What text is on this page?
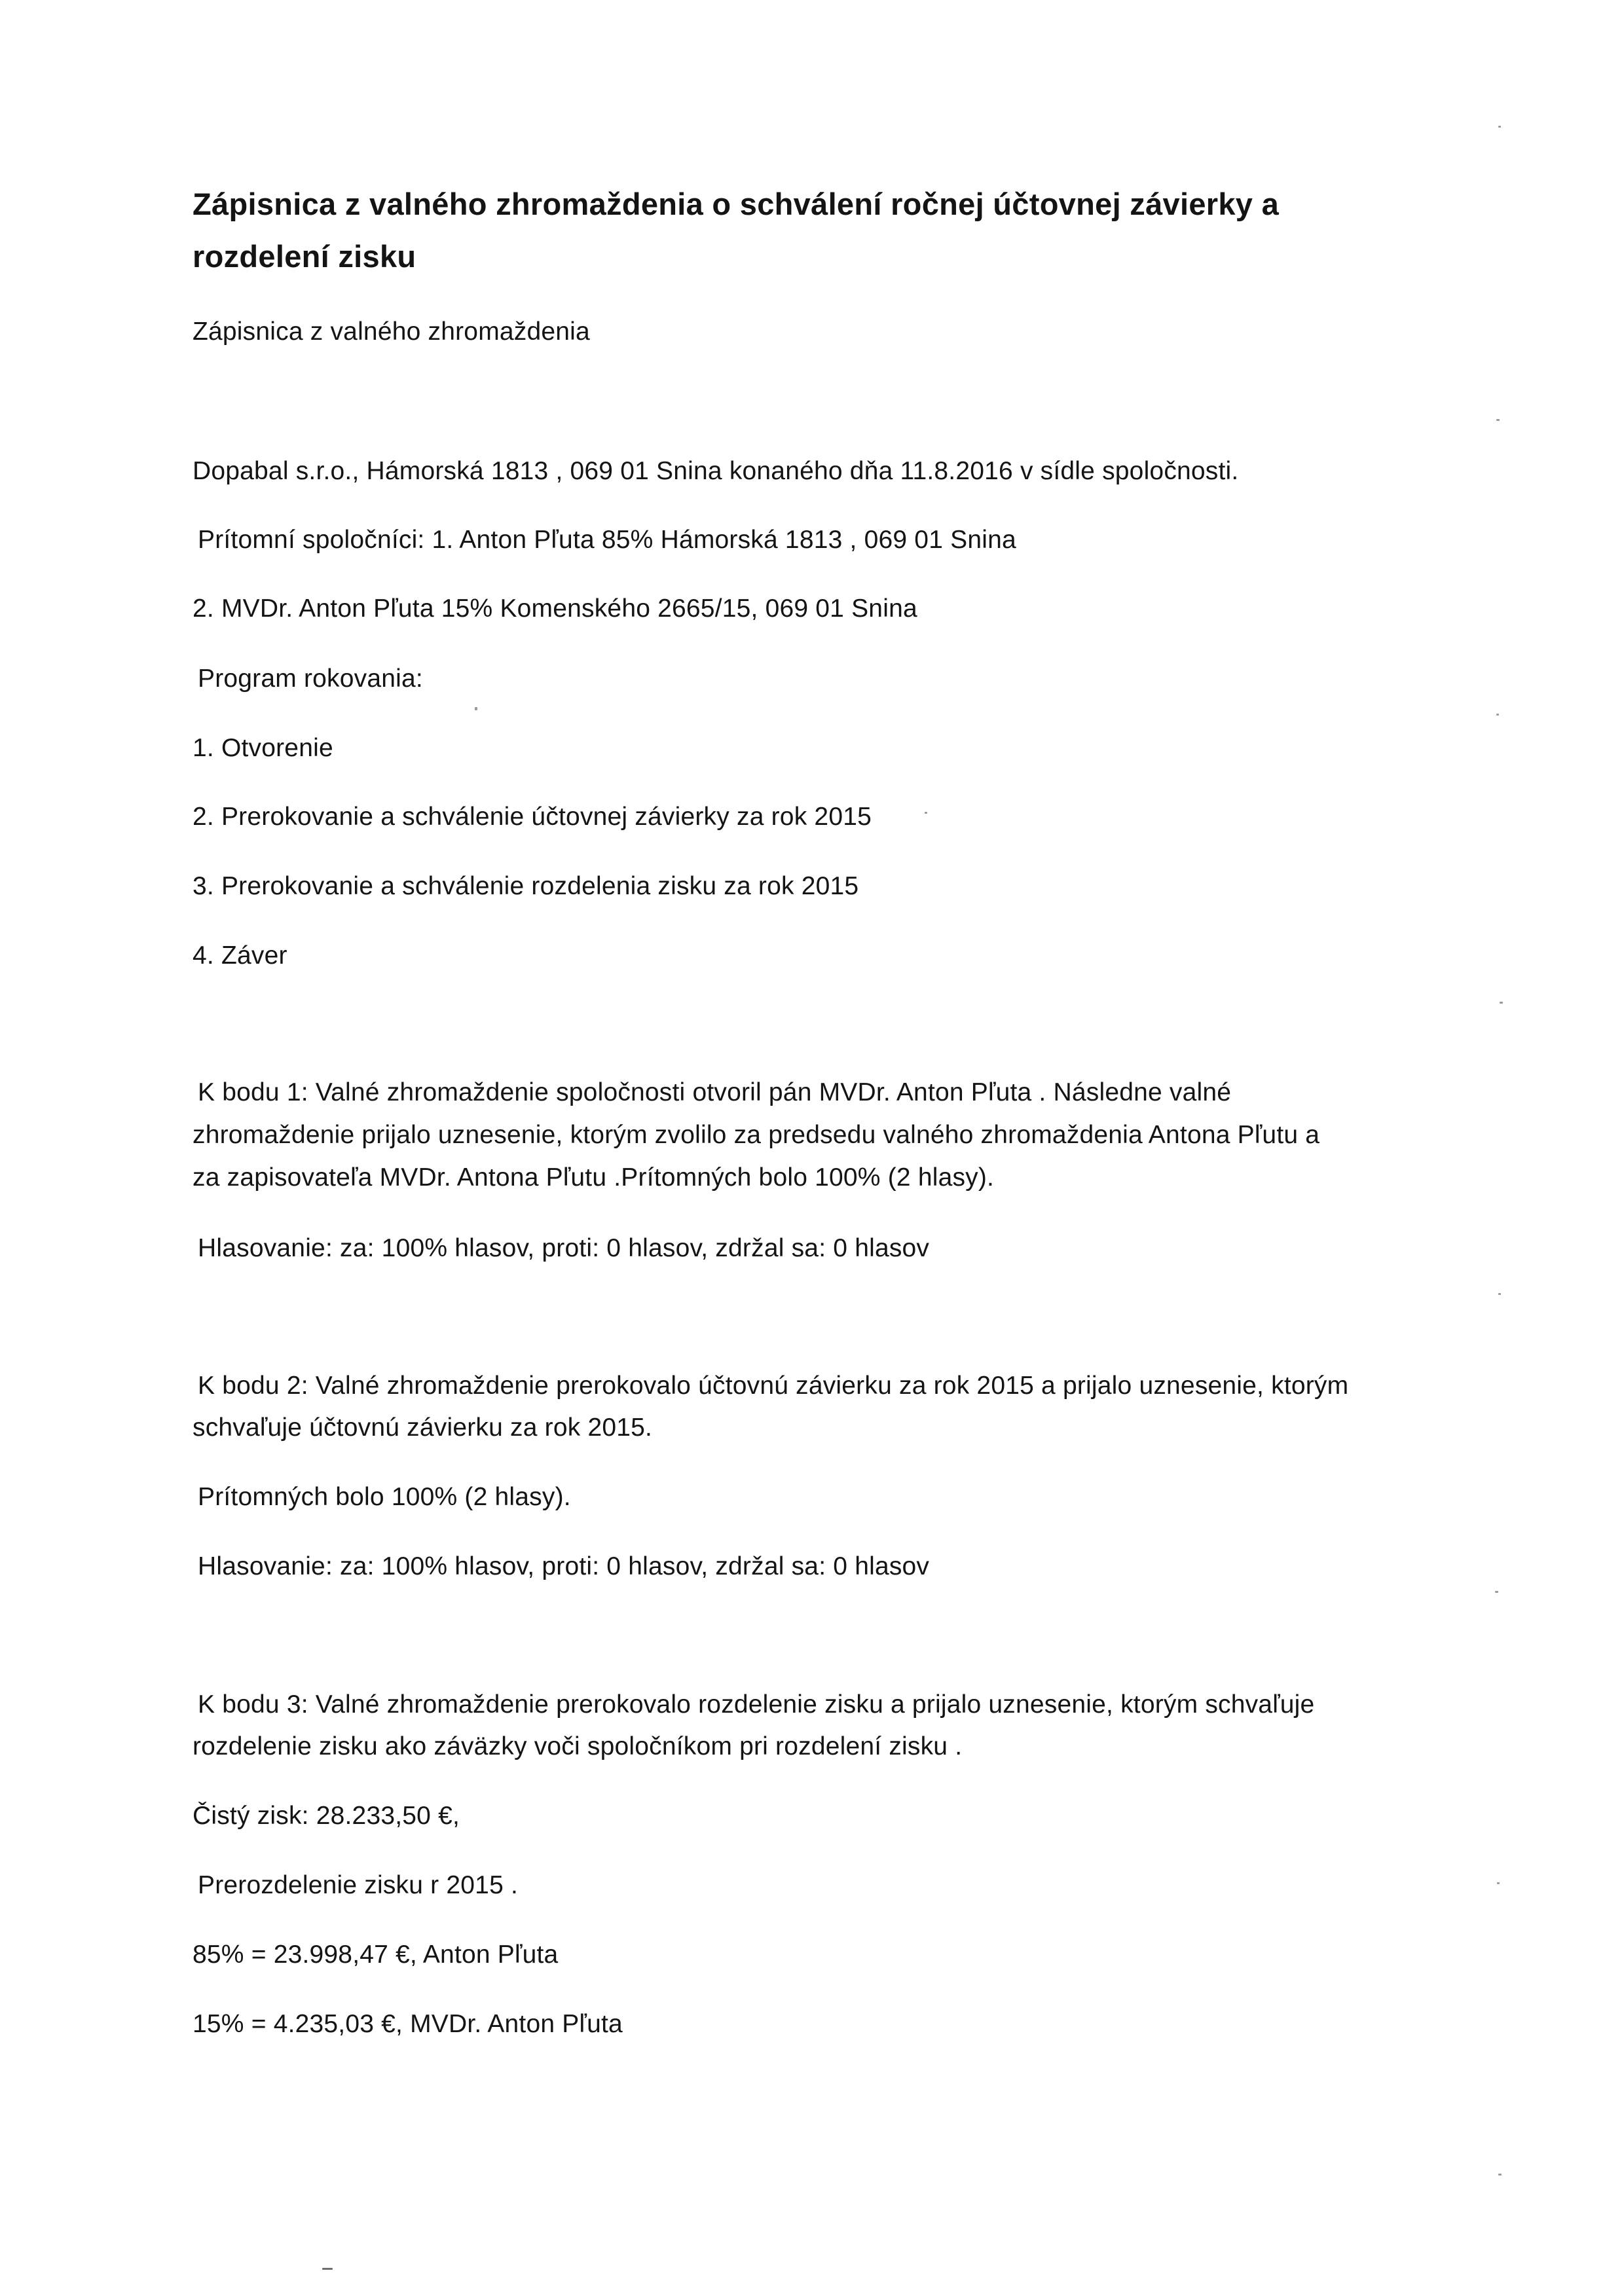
Zápisnica z valného zhromaždenia o schválení ročnej účtovnej závierky a
rozdelení zisku
Zápisnica z valného zhromaždenia
Dopabal s.r.o., Hámorská 1813 , 069 01 Snina konaného dňa 11.8.2016 v sídle spoločnosti.
Prítomní spoločníci: 1. Anton Pľuta 85% Hámorská 1813 , 069 01 Snina
2. MVDr. Anton Pľuta 15% Komenského 2665/15, 069 01 Snina
Program rokovania:
1. Otvorenie
2. Prerokovanie a schválenie účtovnej závierky za rok 2015
3. Prerokovanie a schválenie rozdelenia zisku za rok 2015
4. Záver
K bodu 1: Valné zhromaždenie spoločnosti otvoril pán MVDr. Anton Pľuta . Následne valné
zhromaždenie prijalo uznesenie, ktorým zvolilo za predsedu valného zhromaždenia Antona Pľutu a
za zapisovateľa MVDr. Antona Pľutu .Prítomných bolo 100% (2 hlasy).
Hlasovanie: za: 100% hlasov, proti: 0 hlasov, zdržal sa: 0 hlasov
K bodu 2: Valné zhromaždenie prerokovalo účtovnú závierku za rok 2015 a prijalo uznesenie, ktorým
schvaľuje účtovnú závierku za rok 2015.
Prítomných bolo 100% (2 hlasy).
Hlasovanie: za: 100% hlasov, proti: 0 hlasov, zdržal sa: 0 hlasov
K bodu 3: Valné zhromaždenie prerokovalo rozdelenie zisku a prijalo uznesenie, ktorým schvaľuje
rozdelenie zisku ako záväzky voči spoločníkom pri rozdelení zisku .
Čistý zisk: 28.233,50 €,
Prerozdelenie zisku r 2015 .
85% = 23.998,47 €, Anton Pľuta
15% = 4.235,03 €, MVDr. Anton Pľuta
